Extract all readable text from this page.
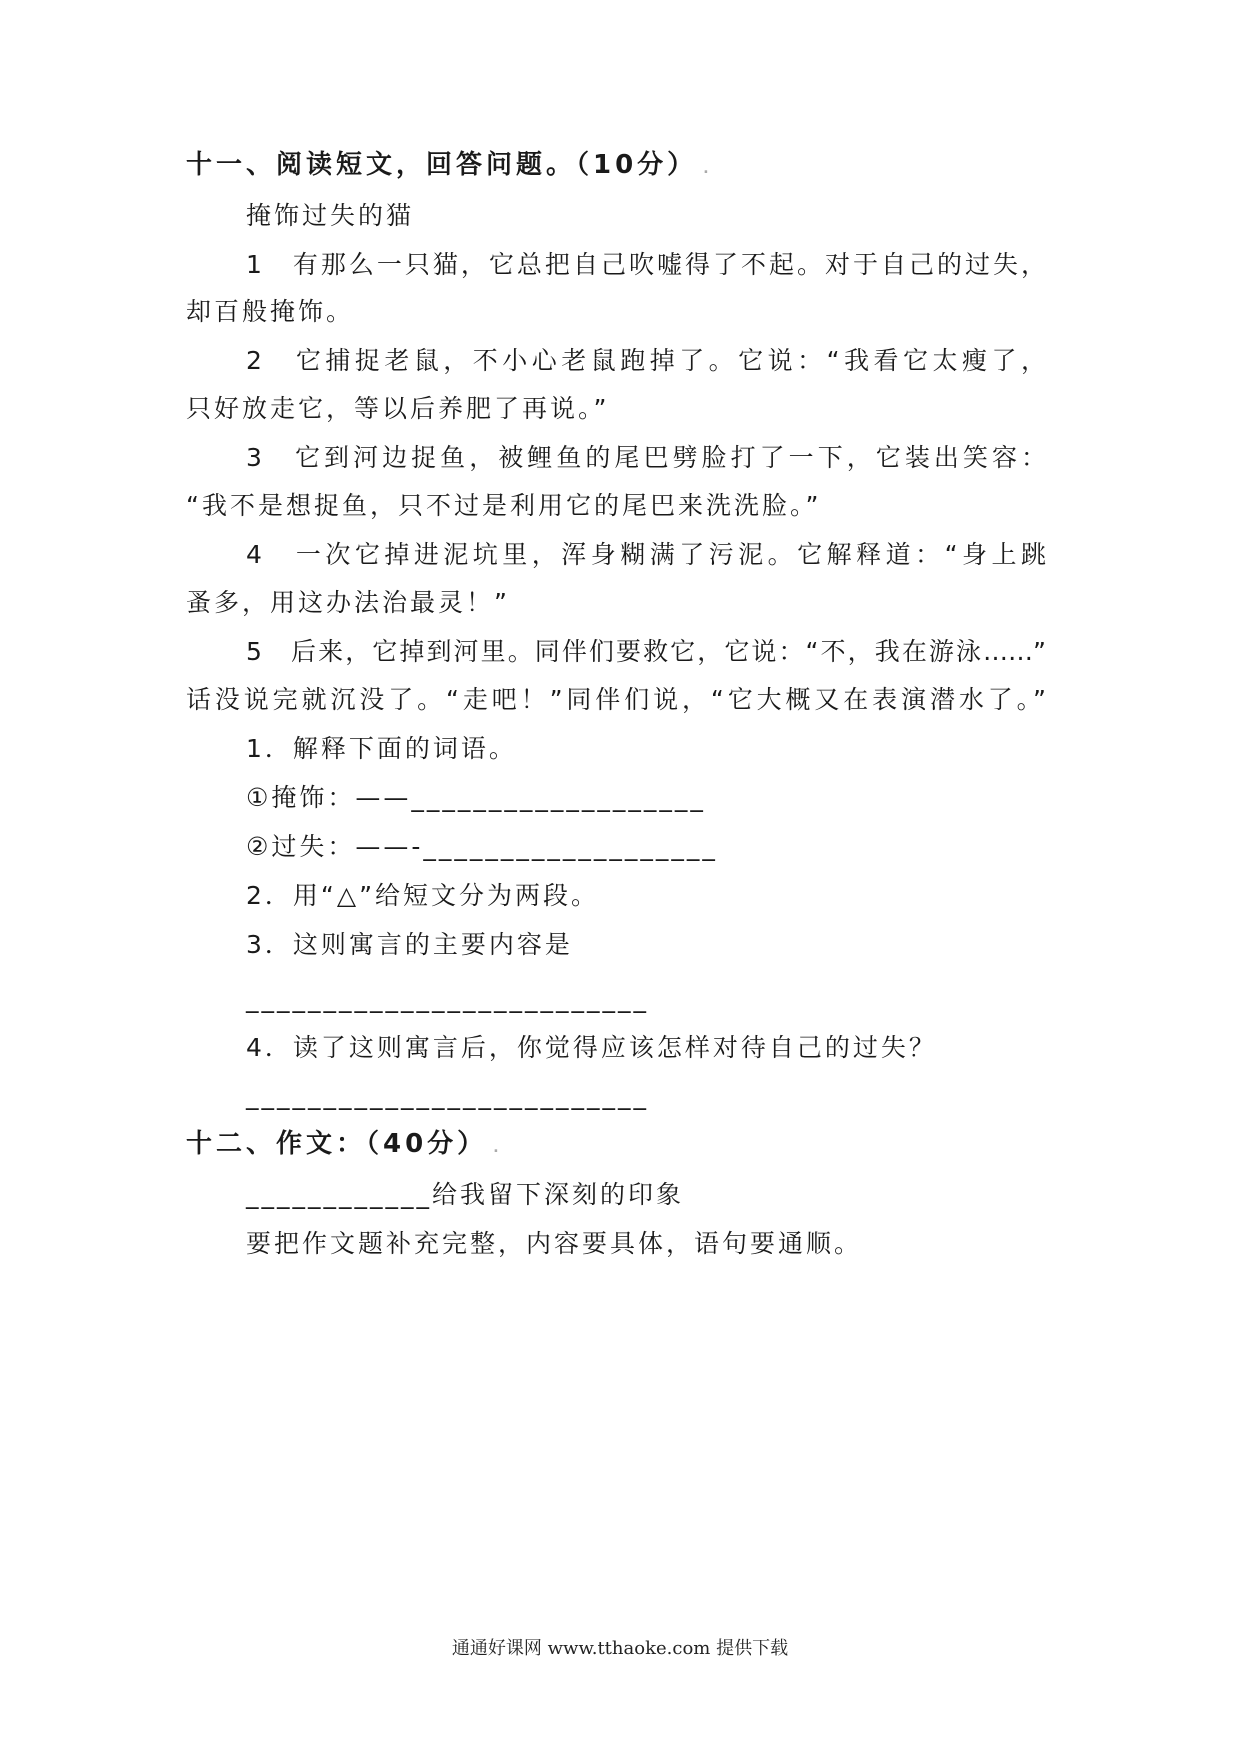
十一、阅读短文，回答问题。（10分） .
掩饰过失的猫
1　有那么一只猫，它总把自己吹嘘得了不起。对于自己的过失，
却百般掩饰。
2　它捕捉老鼠，不小心老鼠跑掉了。它说：“我看它太瘦了，
只好放走它，等以后养肥了再说。”
3　它到河边捉鱼，被鲤鱼的尾巴劈脸打了一下，它装出笑容：
“我不是想捉鱼，只不过是利用它的尾巴来洗洗脸。”
4　一次它掉进泥坑里，浑身糊满了污泥。它解释道：“身上跳
蚤多，用这办法治最灵！”
5　后来，它掉到河里。同伴们要救它，它说：“不，我在游泳……”
话没说完就沉没了。“走吧！”同伴们说，“它大概又在表演潜水了。”
1．解释下面的词语。
①掩饰：——___________________
②过失：——-___________________
2．用“△”给短文分为两段。
3．这则寓言的主要内容是
__________________________
4．读了这则寓言后，你觉得应该怎样对待自己的过失？
__________________________
十二、作文：（40分） .
____________给我留下深刻的印象
要把作文题补充完整，内容要具体，语句要通顺。
通通好课网 www.tthaoke.com 提供下载
